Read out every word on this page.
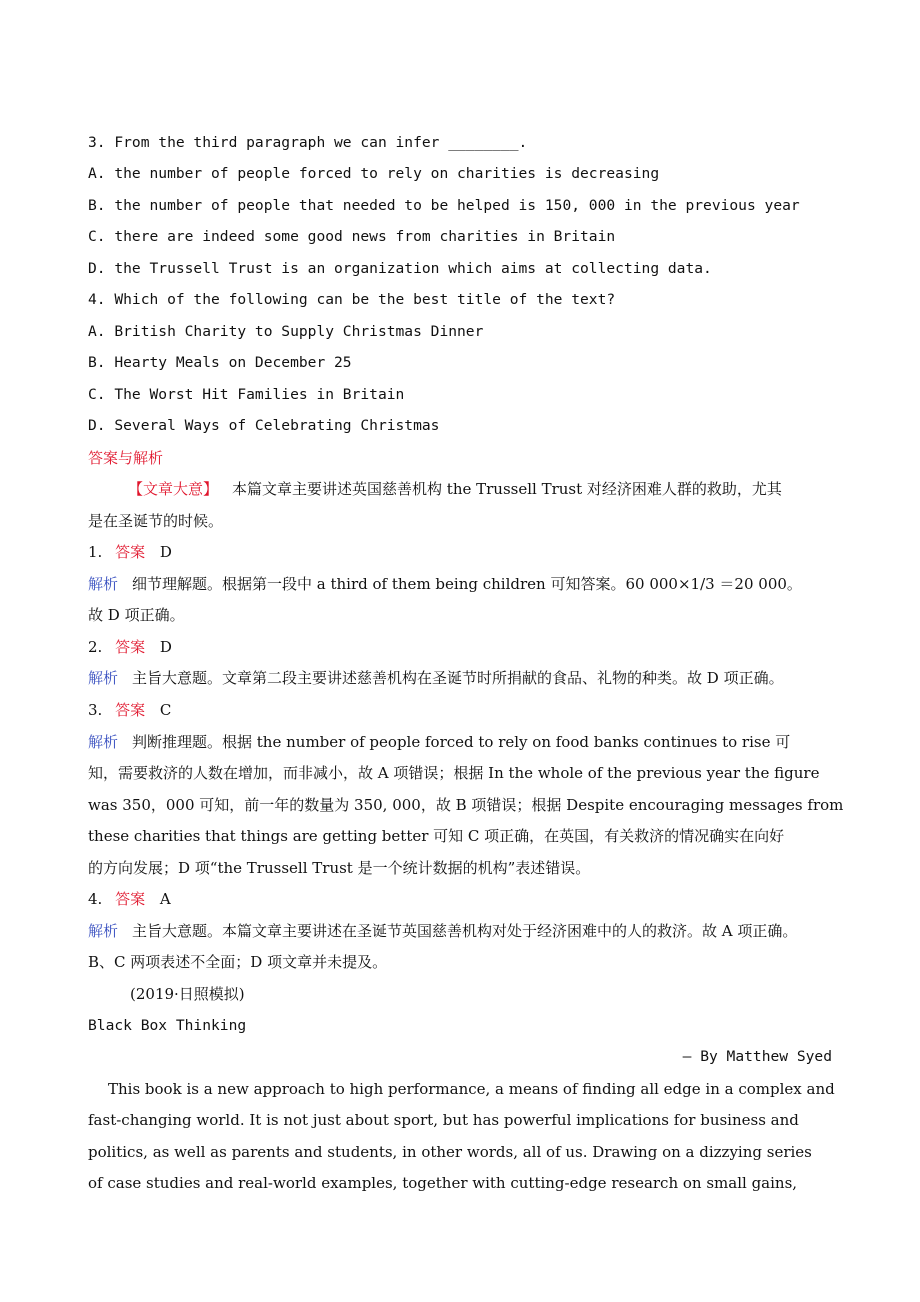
3. From the third paragraph we can infer ________.
A. the number of people forced to rely on charities is decreasing
B. the number of people that needed to be helped is 150, 000 in the previous year
C. there are indeed some good news from charities in Britain
D. the Trussell Trust is an organization which aims at collecting data.
4. Which of the following can be the best title of the text?
A. British Charity to Supply Christmas Dinner
B. Hearty Meals on December 25
C. The Worst Hit Families in Britain
D. Several Ways of Celebrating Christmas
答案与解析
【文章大意】 本篇文章主要讲述英国慈善机构 the Trussell Trust 对经济困难人群的救助，尤其
是在圣诞节的时候。
1. 答案 D
解析 细节理解题。根据第一段中 a third of them being children 可知答案。60 000×1/3 ＝20 000。
故 D 项正确。
2. 答案 D
解析 主旨大意题。文章第二段主要讲述慈善机构在圣诞节时所捐献的食品、礼物的种类。故 D 项正确。
3. 答案 C
解析 判断推理题。根据 the number of people forced to rely on food banks continues to rise 可
知，需要救济的人数在增加，而非减小，故 A 项错误；根据 In the whole of the previous year the figure
was 350，000 可知，前一年的数量为 350, 000，故 B 项错误；根据 Despite encouraging messages from
these charities that things are getting better 可知 C 项正确，在英国，有关救济的情况确实在向好
的方向发展；D 项“the Trussell Trust 是一个统计数据的机构”表述错误。
4. 答案 A
解析 主旨大意题。本篇文章主要讲述在圣诞节英国慈善机构对处于经济困难中的人的救济。故 A 项正确。
B、C 两项表述不全面；D 项文章并未提及。
(2019·日照模拟)
Black Box Thinking
— By Matthew Syed
This book is a new approach to high performance, a means of finding all edge in a complex and
fast-changing world. It is not just about sport, but has powerful implications for business and
politics, as well as parents and students, in other words, all of us. Drawing on a dizzying series
of case studies and real-world examples, together with cutting-edge research on small gains,
